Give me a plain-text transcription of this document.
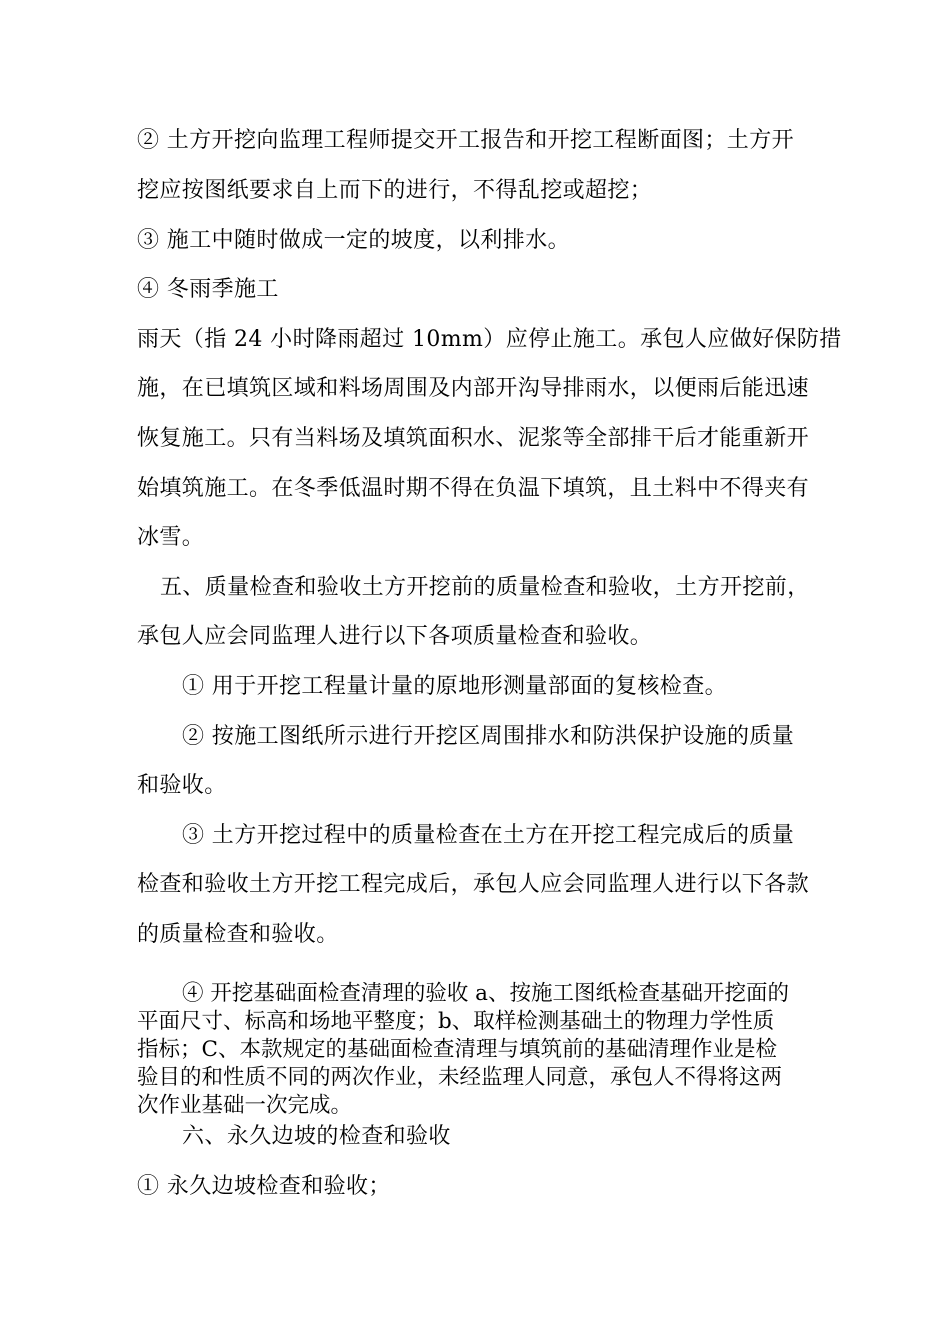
② 土方开挖向监理工程师提交开工报告和开挖工程断面图；土方开
挖应按图纸要求自上而下的进行，不得乱挖或超挖；
③ 施工中随时做成一定的坡度，以利排水。
④ 冬雨季施工
雨天（指 24 小时降雨超过 10mm）应停止施工。承包人应做好保防措
施，在已填筑区域和料场周围及内部开沟导排雨水，以便雨后能迅速
恢复施工。只有当料场及填筑面积水、泥浆等全部排干后才能重新开
始填筑施工。在冬季低温时期不得在负温下填筑，且土料中不得夹有
冰雪。
五、质量检查和验收土方开挖前的质量检查和验收，土方开挖前，
承包人应会同监理人进行以下各项质量检查和验收。
① 用于开挖工程量计量的原地形测量部面的复核检查。
② 按施工图纸所示进行开挖区周围排水和防洪保护设施的质量
和验收。
③ 土方开挖过程中的质量检查在土方在开挖工程完成后的质量
检查和验收土方开挖工程完成后，承包人应会同监理人进行以下各款
的质量检查和验收。
④ 开挖基础面检查清理的验收 a、按施工图纸检查基础开挖面的
平面尺寸、标高和场地平整度；b、取样检测基础土的物理力学性质
指标；C、本款规定的基础面检查清理与填筑前的基础清理作业是检
验目的和性质不同的两次作业，未经监理人同意，承包人不得将这两
次作业基础一次完成。
六、永久边坡的检查和验收
① 永久边坡检查和验收；
